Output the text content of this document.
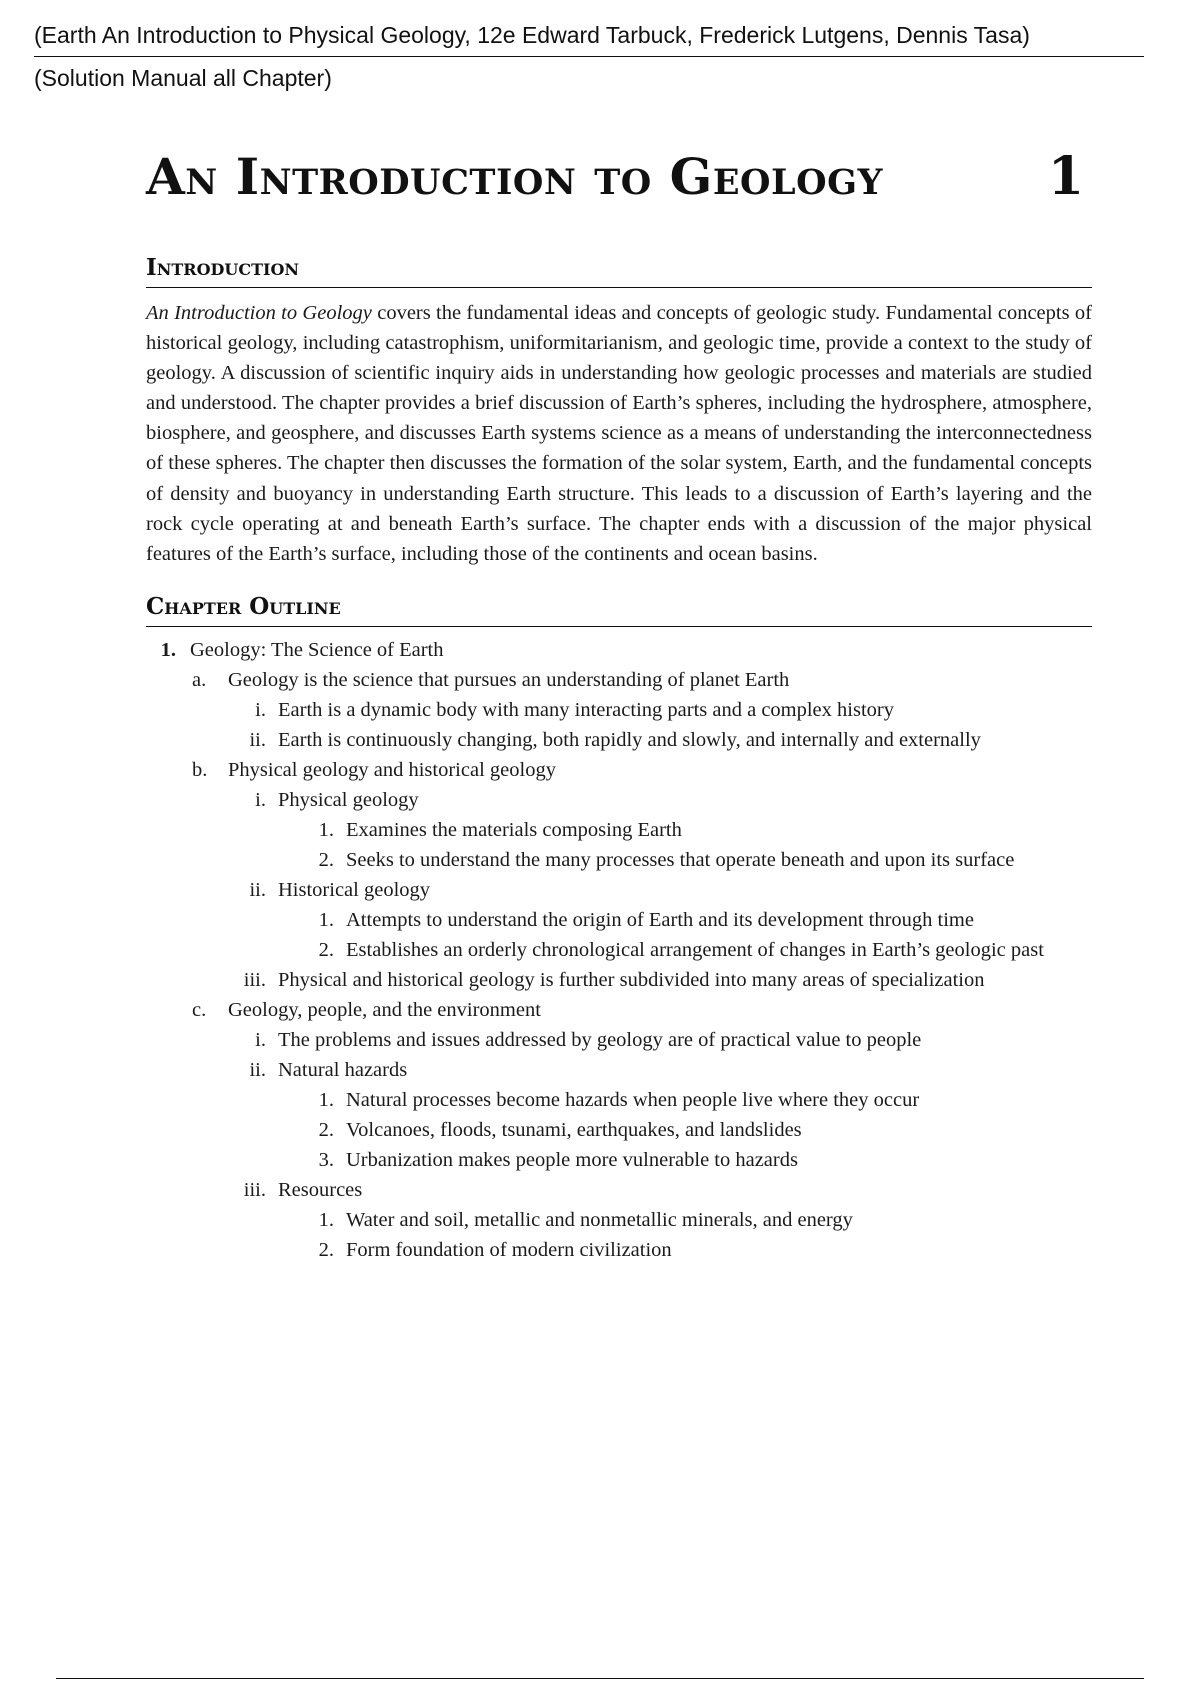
(Earth An Introduction to Physical Geology, 12e Edward Tarbuck, Frederick Lutgens, Dennis Tasa)
(Solution Manual all Chapter)
An Introduction to Geology	1
Introduction
An Introduction to Geology covers the fundamental ideas and concepts of geologic study. Fundamental concepts of historical geology, including catastrophism, uniformitarianism, and geologic time, provide a context to the study of geology. A discussion of scientific inquiry aids in understanding how geologic processes and materials are studied and understood. The chapter provides a brief discussion of Earth’s spheres, including the hydrosphere, atmosphere, biosphere, and geosphere, and discusses Earth systems science as a means of understanding the interconnectedness of these spheres. The chapter then discusses the formation of the solar system, Earth, and the fundamental concepts of density and buoyancy in understanding Earth structure. This leads to a discussion of Earth’s layering and the rock cycle operating at and beneath Earth’s surface. The chapter ends with a discussion of the major physical features of the Earth’s surface, including those of the continents and ocean basins.
Chapter Outline
1. Geology: The Science of Earth
a.	Geology is the science that pursues an understanding of planet Earth
i. Earth is a dynamic body with many interacting parts and a complex history
ii. Earth is continuously changing, both rapidly and slowly, and internally and externally
b.	Physical geology and historical geology
i. Physical geology
1. Examines the materials composing Earth
2. Seeks to understand the many processes that operate beneath and upon its surface
ii. Historical geology
1. Attempts to understand the origin of Earth and its development through time
2. Establishes an orderly chronological arrangement of changes in Earth’s geologic past
iii. Physical and historical geology is further subdivided into many areas of specialization
c.	Geology, people, and the environment
i. The problems and issues addressed by geology are of practical value to people
ii. Natural hazards
1. Natural processes become hazards when people live where they occur
2. Volcanoes, floods, tsunami, earthquakes, and landslides
3. Urbanization makes people more vulnerable to hazards
iii. Resources
1. Water and soil, metallic and nonmetallic minerals, and energy
2. Form foundation of modern civilization
